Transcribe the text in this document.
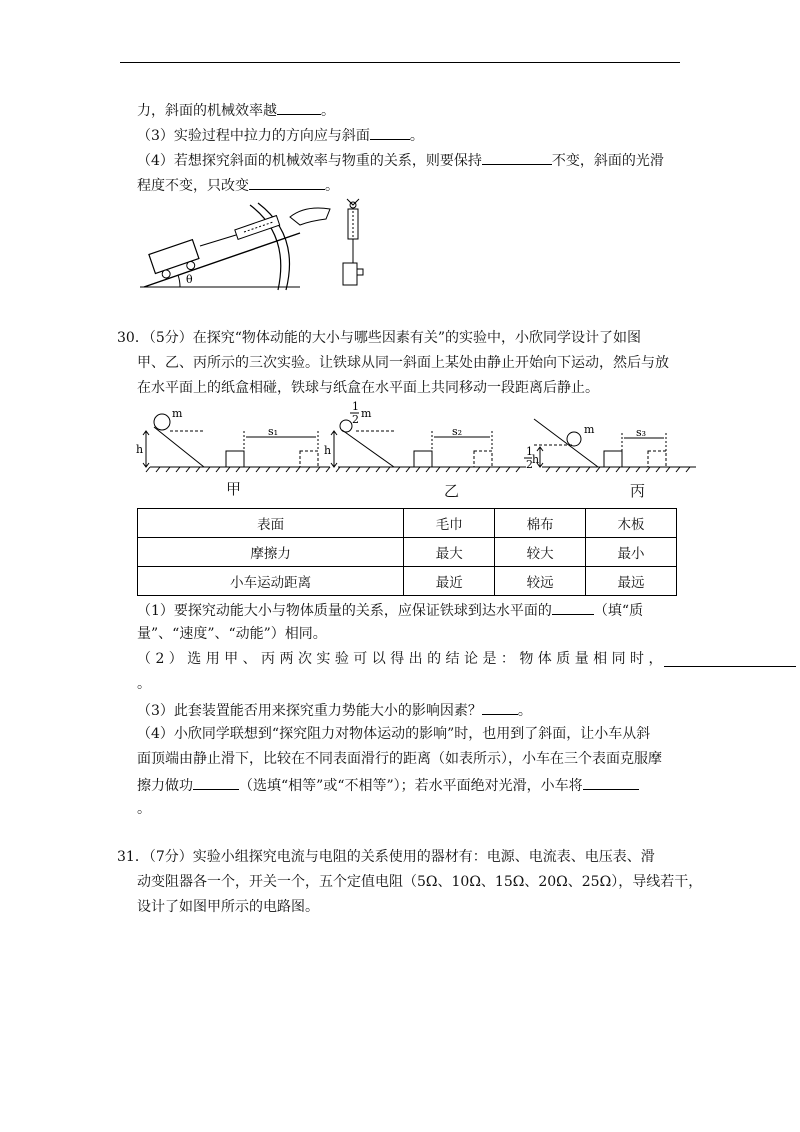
力，斜面的机械效率越	。
（3）实验过程中拉力的方向应与斜面	。
（4）若想探究斜面的机械效率与物重的关系，则要保持	不变，斜面的光滑
程度不变，只改变	。
θ
30．（5分）在探究“物体动能的大小与哪些因素有关”的实验中，小欣同学设计了如图
甲、乙、丙所示的三次实验。让铁球从同一斜面上某处由静止开始向下运动，然后与放
在水平面上的纸盒相碰，铁球与纸盒在水平面上共同移动一段距离后静止。
m
h
s₁
甲
1
2 m
h
s₂
乙
m
1
2 h
s₃
丙
表面	毛巾	棉布	木板
摩擦力	最大	较大	最小
小车运动距离	最近	较远	最远
（1）要探究动能大小与物体质量的关系，应保证铁球到达水平面的	（填“质
量”、“速度”、“动能”）相同。
（ 2 ） 选 用 甲 、 丙 两 次 实 验 可 以 得 出 的 结 论 是 ： 物 体 质 量 相 同 时 ，
。
（3）此套装置能否用来探究重力势能大小的影响因素？	。
（4）小欣同学联想到“探究阻力对物体运动的影响”时，也用到了斜面，让小车从斜
面顶端由静止滑下，比较在不同表面滑行的距离（如表所示），小车在三个表面克服摩
擦力做功	（选填“相等”或“不相等”）；若水平面绝对光滑，小车将
。
31．（7分）实验小组探究电流与电阻的关系使用的器材有：电源、电流表、电压表、滑
动变阻器各一个，开关一个，五个定值电阻（5Ω、10Ω、15Ω、20Ω、25Ω），导线若干，
设计了如图甲所示的电路图。
